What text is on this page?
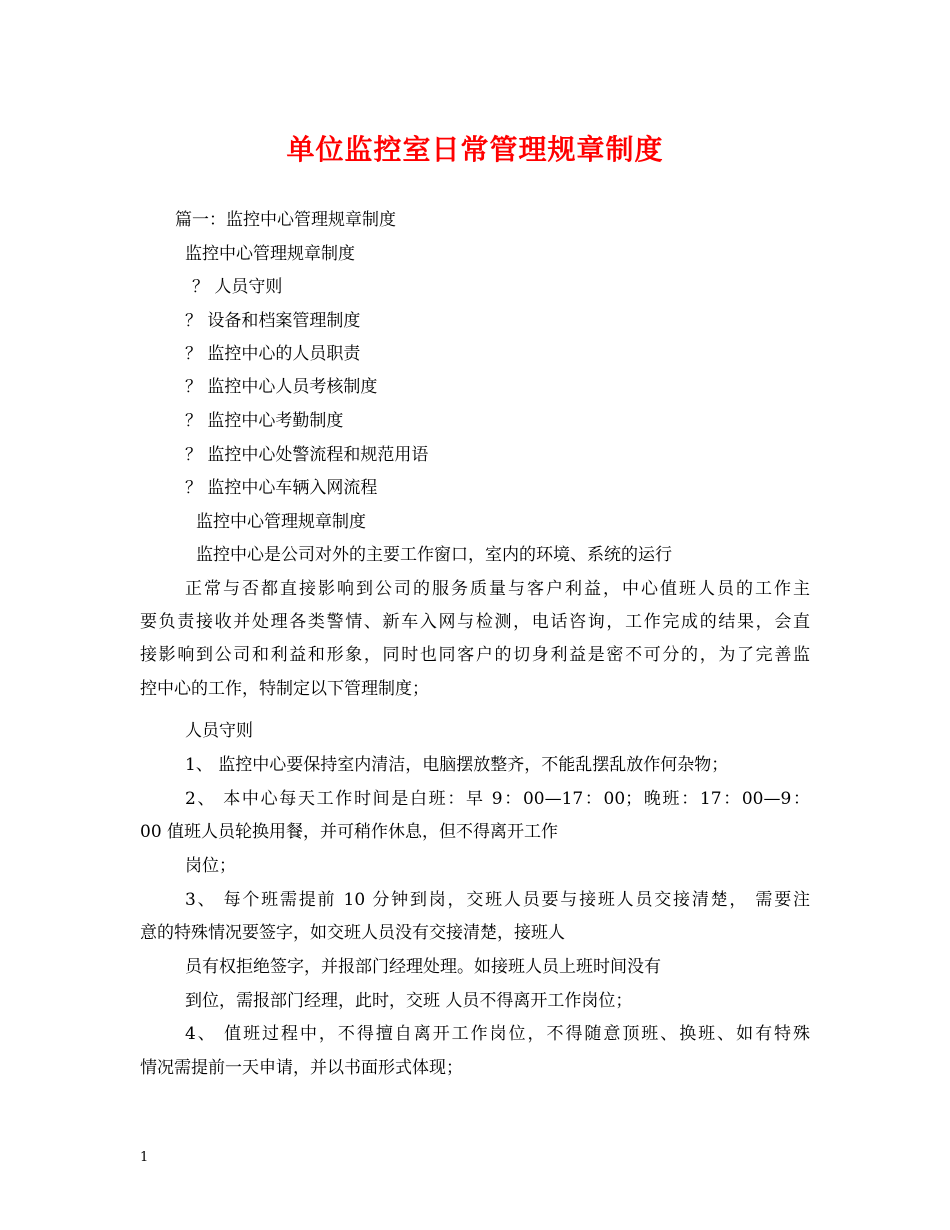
单位监控室日常管理规章制度
篇一：监控中心管理规章制度
监控中心管理规章制度
？ 人员守则
？ 设备和档案管理制度
？ 监控中心的人员职责
？ 监控中心人员考核制度
？ 监控中心考勤制度
？ 监控中心处警流程和规范用语
？ 监控中心车辆入网流程
监控中心管理规章制度
监控中心是公司对外的主要工作窗口，室内的环境、系统的运行
正常与否都直接影响到公司的服务质量与客户利益，中心值班人员的工作主
要负责接收并处理各类警情、新车入网与检测，电话咨询，工作完成的结果，会直
接影响到公司和利益和形象，同时也同客户的切身利益是密不可分的，为了完善监
控中心的工作，特制定以下管理制度；
人员守则
1、 监控中心要保持室内清洁，电脑摆放整齐，不能乱摆乱放作何杂物；
2、 本中心每天工作时间是白班：早 9：00—17：00；晚班：17：00—9：
00 值班人员轮换用餐，并可稍作休息，但不得离开工作
岗位；
3、 每个班需提前 10 分钟到岗，交班人员要与接班人员交接清楚， 需要注
意的特殊情况要签字，如交班人员没有交接清楚，接班人
员有权拒绝签字，并报部门经理处理。如接班人员上班时间没有
到位，需报部门经理，此时，交班 人员不得离开工作岗位；
4、 值班过程中，不得擅自离开工作岗位，不得随意顶班、换班、如有特殊
情况需提前一天申请，并以书面形式体现；
1
